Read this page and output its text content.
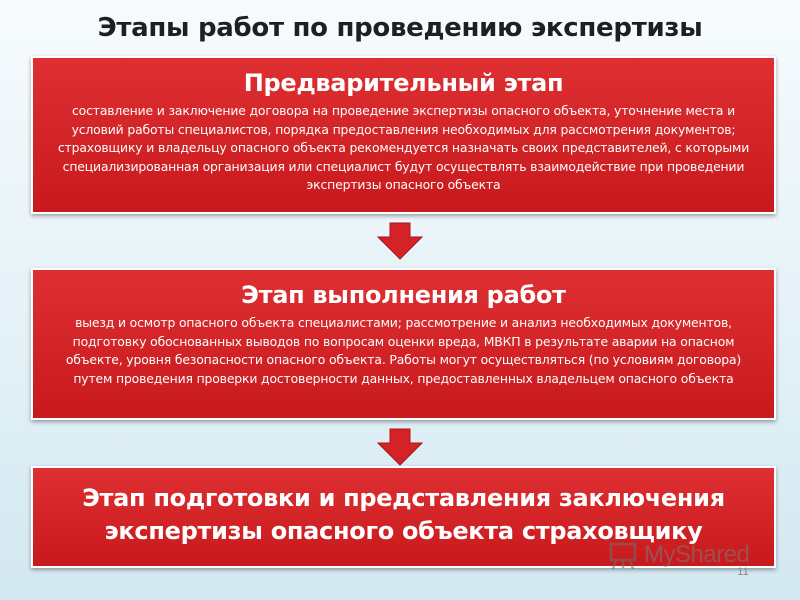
Этапы работ по проведению экспертизы
Предварительный этап
составление и заключение договора на проведение экспертизы опасного объекта, уточнение места и условий работы специалистов, порядка предоставления необходимых для рассмотрения документов; страховщику и владельцу опасного объекта рекомендуется назначать своих представителей, с которыми специализированная организация или специалист будут осуществлять взаимодействие при проведении экспертизы опасного объекта
Этап выполнения работ
выезд и осмотр опасного объекта специалистами; рассмотрение и анализ необходимых документов, подготовку обоснованных выводов по вопросам оценки вреда, МВКП в результате аварии на опасном объекте, уровня безопасности опасного объекта. Работы могут осуществляться (по условиям договора) путем проведения проверки достоверности данных, предоставленных владельцем опасного объекта
Этап подготовки и представления заключения экспертизы опасного объекта страховщику
MyShared
11
